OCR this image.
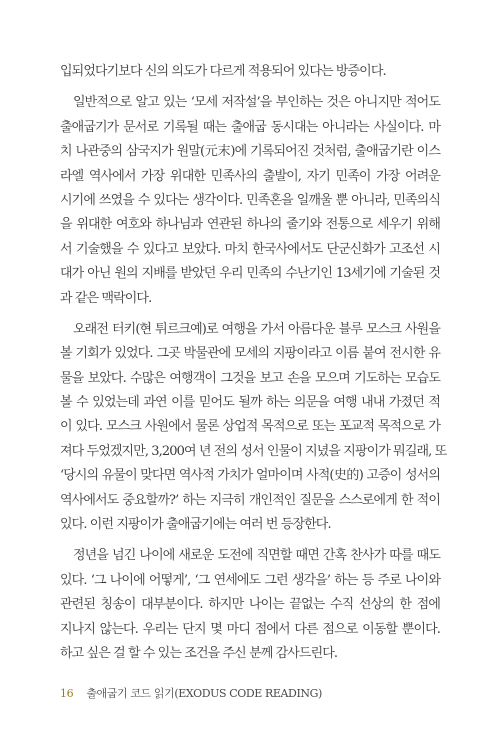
입되었다기보다 신의 의도가 다르게 적용되어 있다는 방증이다.
일반적으로 알고 있는 ‘모세 저작설’을 부인하는 것은 아니지만 적어도
출애굽기가 문서로 기록될 때는 출애굽 동시대는 아니라는 사실이다. 마
치 나관중의 삼국지가 원말(元末)에 기록되어진 것처럼, 출애굽기란 이스
라엘 역사에서 가장 위대한 민족사의 출발이, 자기 민족이 가장 어려운
시기에 쓰였을 수 있다는 생각이다. 민족혼을 일깨울 뿐 아니라, 민족의식
을 위대한 여호와 하나님과 연관된 하나의 줄기와 전통으로 세우기 위해
서 기술했을 수 있다고 보았다. 마치 한국사에서도 단군신화가 고조선 시
대가 아닌 원의 지배를 받았던 우리 민족의 수난기인 13세기에 기술된 것
과 같은 맥락이다.
오래전 터키(현 튀르크예)로 여행을 가서 아름다운 블루 모스크 사원을
볼 기회가 있었다. 그곳 박물관에 모세의 지팡이라고 이름 붙여 전시한 유
물을 보았다. 수많은 여행객이 그것을 보고 손을 모으며 기도하는 모습도
볼 수 있었는데 과연 이를 믿어도 될까 하는 의문을 여행 내내 가졌던 적
이 있다. 모스크 사원에서 물론 상업적 목적으로 또는 포교적 목적으로 가
져다 두었겠지만, 3,200여 년 전의 성서 인물이 지녔을 지팡이가 뭐길래, 또
‘당시의 유물이 맞다면 역사적 가치가 얼마이며 사적(史的) 고증이 성서의
역사에서도 중요할까?’ 하는 지극히 개인적인 질문을 스스로에게 한 적이
있다. 이런 지팡이가 출애굽기에는 여러 번 등장한다.
정년을 넘긴 나이에 새로운 도전에 직면할 때면 간혹 찬사가 따를 때도
있다. ‘그 나이에 어떻게’, ‘그 연세에도 그런 생각을’ 하는 등 주로 나이와
관련된 칭송이 대부분이다. 하지만 나이는 끝없는 수직 선상의 한 점에
지나지 않는다. 우리는 단지 몇 마디 점에서 다른 점으로 이동할 뿐이다.
하고 싶은 걸 할 수 있는 조건을 주신 분께 감사드린다.
16 출애굽기 코드 읽기(EXODUS CODE READING)
